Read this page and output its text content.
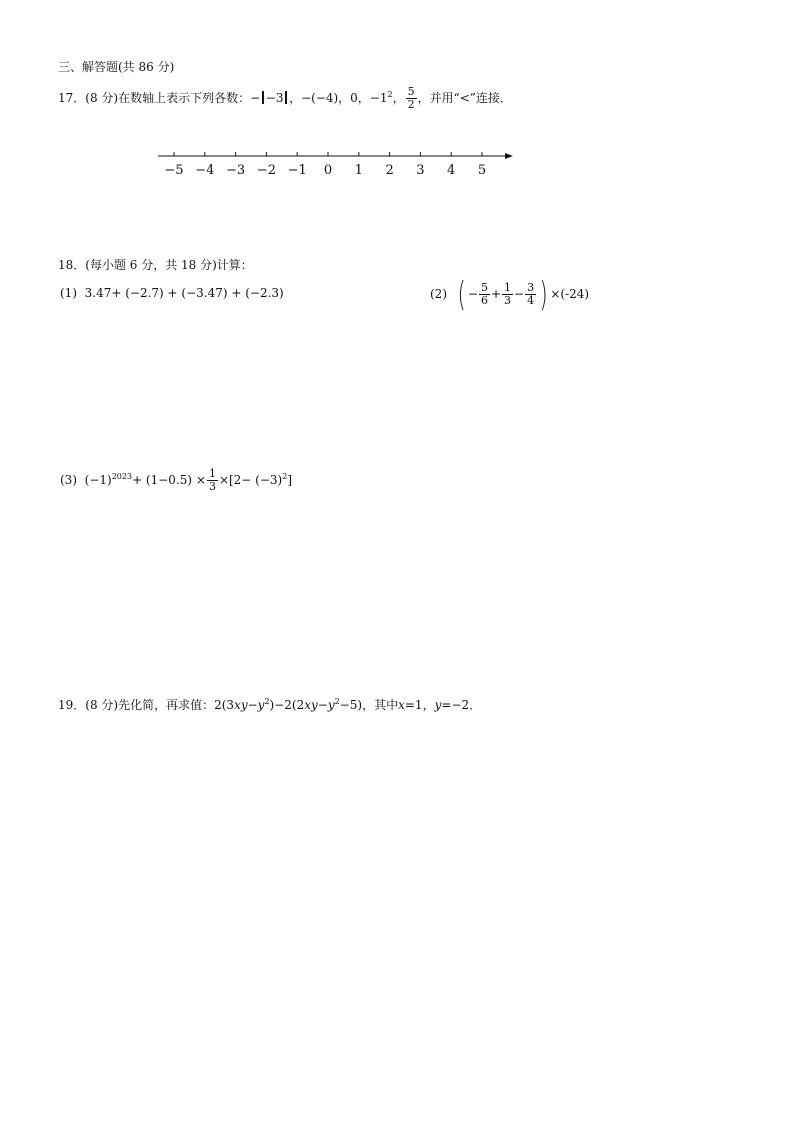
三、解答题(共 86 分)
17．(8 分)在数轴上表示下列各数：− −3 ，−(−4)，0，$-1^2$， $\frac{5}{2}$ ，并用“<”连接．
−5 −4 −3 −2 −1 0 1 2 3 4 5
18．(每小题 6 分，共 18 分)计算：
(1) 3.47+ (−2.7) + (−3.47) + (−2.3)	(2) ( − $\frac{5}{6} + \frac{1}{3} - \frac{3}{4}$ ) ×(-24)
(3) $(-1)^{2023}+ (1-0.5) \times \frac{1}{3} \times[2- (-3)^2]$
19．(8 分)先化简，再求值：$2(3xy-y^2)-2(2xy-y^2-5)$，其中x=1，y=−2．
